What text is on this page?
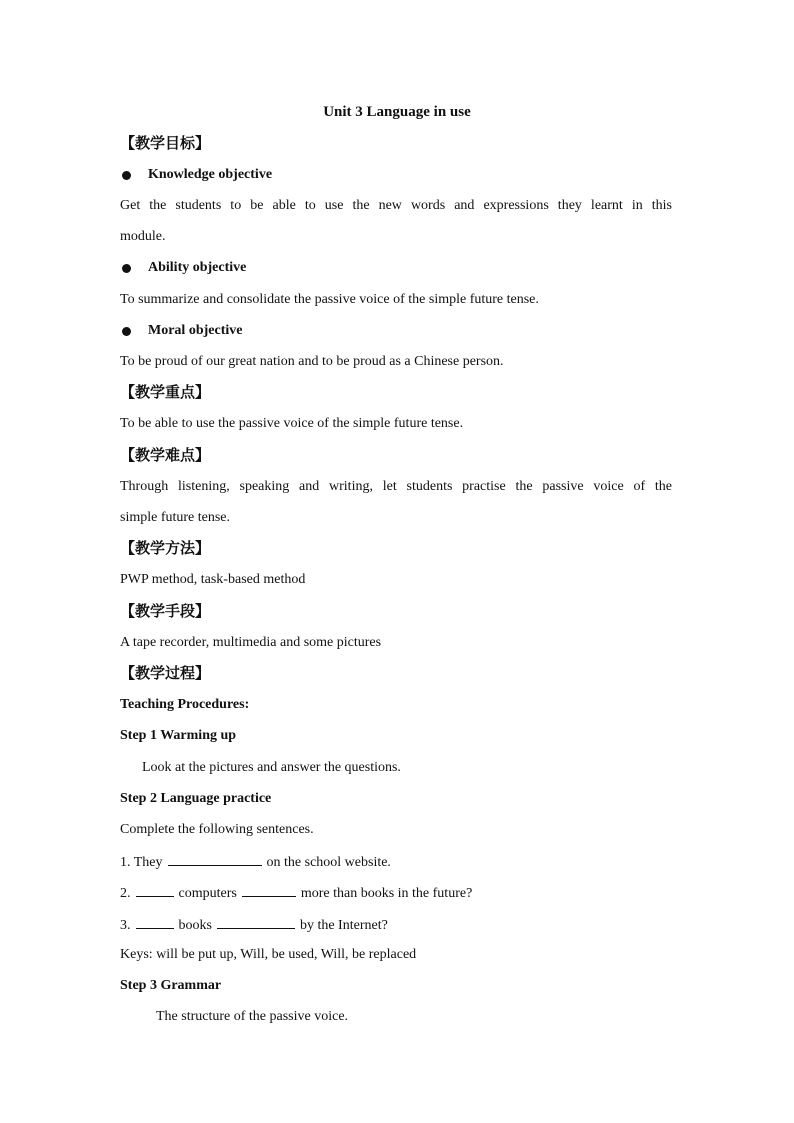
Unit 3 Language in use
【教学目标】
Knowledge objective
Get the students to be able to use the new words and expressions they learnt in this
module.
Ability objective
To summarize and consolidate the passive voice of the simple future tense.
Moral objective
To be proud of our great nation and to be proud as a Chinese person.
【教学重点】
To be able to use the passive voice of the simple future tense.
【教学难点】
Through listening, speaking and writing, let students practise the passive voice of the
simple future tense.
【教学方法】
PWP method, task-based method
【教学手段】
A tape recorder, multimedia and some pictures
【教学过程】
Teaching Procedures:
Step 1 Warming up
Look at the pictures and answer the questions.
Step 2 Language practice
Complete the following sentences.
1. They	on the school website.
2.	computers	more than books in the future?
3.	books	by the Internet?
Keys: will be put up, Will, be used, Will, be replaced
Step 3 Grammar
The structure of the passive voice.
